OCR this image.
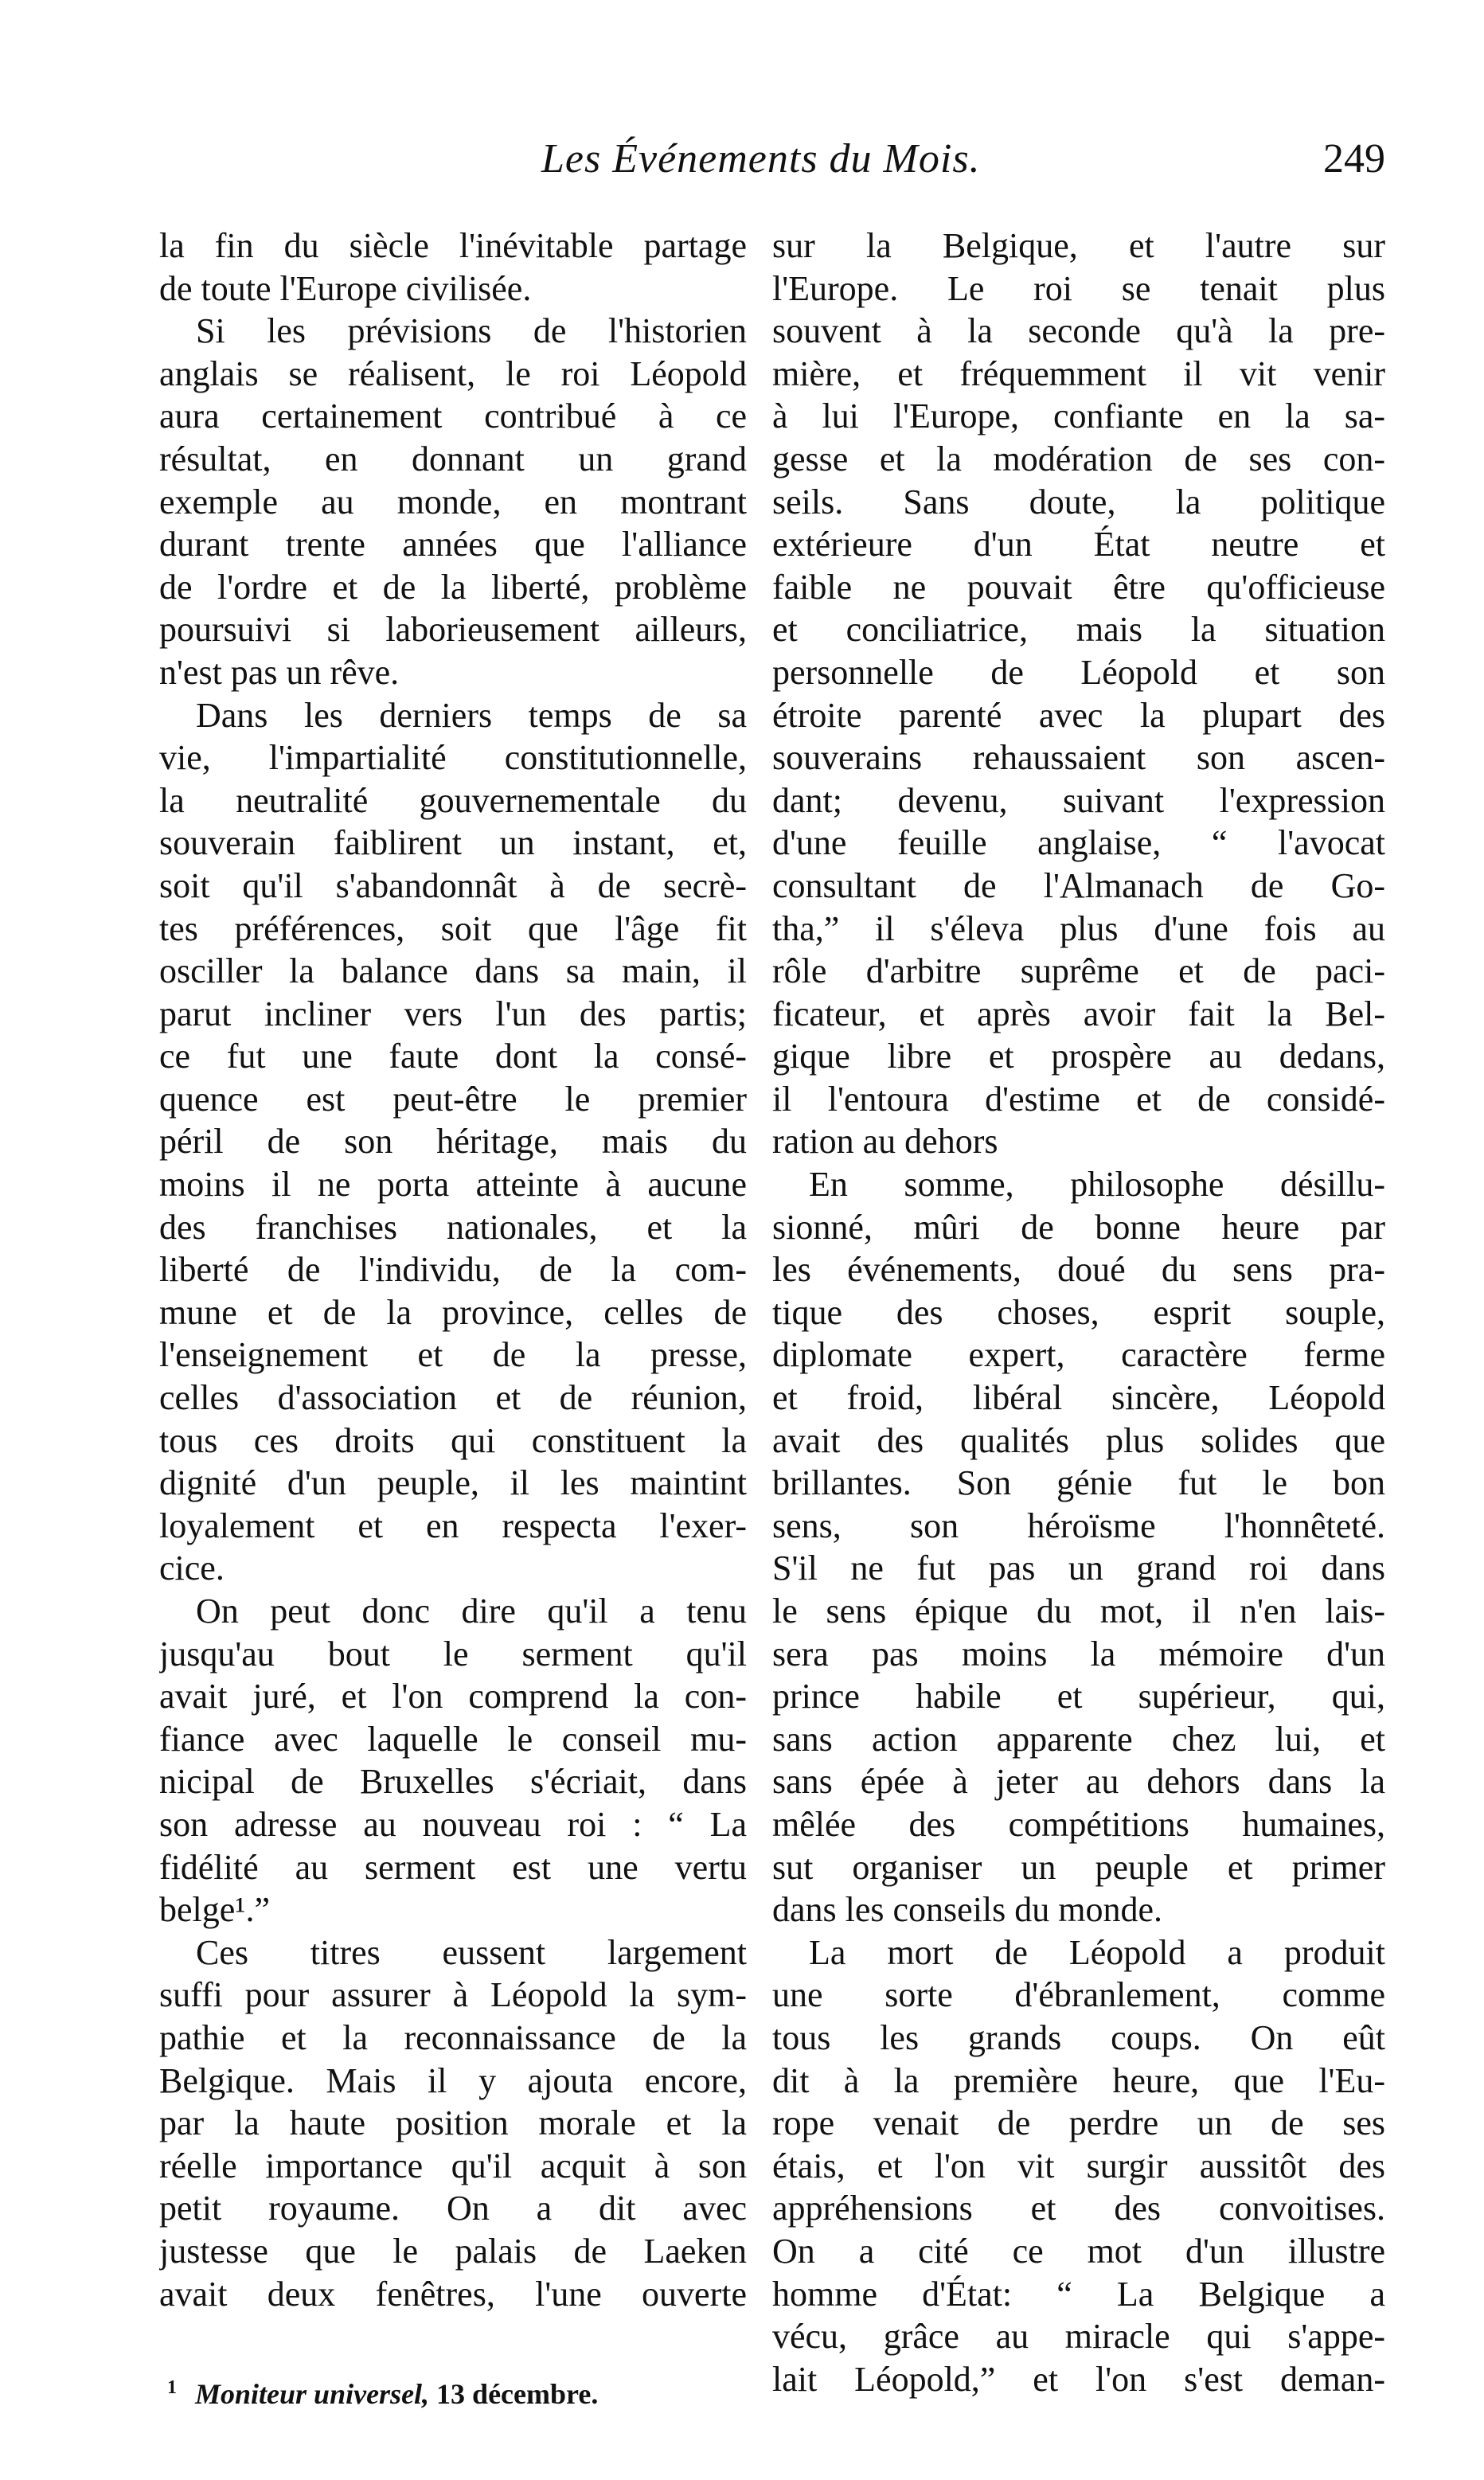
Les Événements du Mois.	249
la fin du siècle l'inévitable partage
de toute l'Europe civilisée.
Si les prévisions de l'historien
anglais se réalisent, le roi Léopold
aura certainement contribué à ce
résultat, en donnant un grand
exemple au monde, en montrant
durant trente années que l'alliance
de l'ordre et de la liberté, problème
poursuivi si laborieusement ailleurs,
n'est pas un rêve.
Dans les derniers temps de sa
vie, l'impartialité constitutionnelle,
la neutralité gouvernementale du
souverain faiblirent un instant, et,
soit qu'il s'abandonnât à de secrè-
tes préférences, soit que l'âge fit
osciller la balance dans sa main, il
parut incliner vers l'un des partis;
ce fut une faute dont la consé-
quence est peut-être le premier
péril de son héritage, mais du
moins il ne porta atteinte à aucune
des franchises nationales, et la
liberté de l'individu, de la com-
mune et de la province, celles de
l'enseignement et de la presse,
celles d'association et de réunion,
tous ces droits qui constituent la
dignité d'un peuple, il les maintint
loyalement et en respecta l'exer-
cice.
On peut donc dire qu'il a tenu
jusqu'au bout le serment qu'il
avait juré, et l'on comprend la con-
fiance avec laquelle le conseil mu-
nicipal de Bruxelles s'écriait, dans
son adresse au nouveau roi : “ La
fidélité au serment est une vertu
belge¹.”
Ces titres eussent largement
suffi pour assurer à Léopold la sym-
pathie et la reconnaissance de la
Belgique. Mais il y ajouta encore,
par la haute position morale et la
réelle importance qu'il acquit à son
petit royaume. On a dit avec
justesse que le palais de Laeken
avait deux fenêtres, l'une ouverte
sur la Belgique, et l'autre sur
l'Europe. Le roi se tenait plus
souvent à la seconde qu'à la pre-
mière, et fréquemment il vit venir
à lui l'Europe, confiante en la sa-
gesse et la modération de ses con-
seils. Sans doute, la politique
extérieure d'un État neutre et
faible ne pouvait être qu'officieuse
et conciliatrice, mais la situation
personnelle de Léopold et son
étroite parenté avec la plupart des
souverains rehaussaient son ascen-
dant; devenu, suivant l'expression
d'une feuille anglaise, “ l'avocat
consultant de l'Almanach de Go-
tha,” il s'éleva plus d'une fois au
rôle d'arbitre suprême et de paci-
ficateur, et après avoir fait la Bel-
gique libre et prospère au dedans,
il l'entoura d'estime et de considé-
ration au dehors
En somme, philosophe désillu-
sionné, mûri de bonne heure par
les événements, doué du sens pra-
tique des choses, esprit souple,
diplomate expert, caractère ferme
et froid, libéral sincère, Léopold
avait des qualités plus solides que
brillantes. Son génie fut le bon
sens, son héroïsme l'honnêteté.
S'il ne fut pas un grand roi dans
le sens épique du mot, il n'en lais-
sera pas moins la mémoire d'un
prince habile et supérieur, qui,
sans action apparente chez lui, et
sans épée à jeter au dehors dans la
mêlée des compétitions humaines,
sut organiser un peuple et primer
dans les conseils du monde.
La mort de Léopold a produit
une sorte d'ébranlement, comme
tous les grands coups. On eût
dit à la première heure, que l'Eu-
rope venait de perdre un de ses
étais, et l'on vit surgir aussitôt des
appréhensions et des convoitises.
On a cité ce mot d'un illustre
homme d'État: “ La Belgique a
vécu, grâce au miracle qui s'appe-
lait Léopold,” et l'on s'est deman-
$^1$ Moniteur universel, 13 décembre.
